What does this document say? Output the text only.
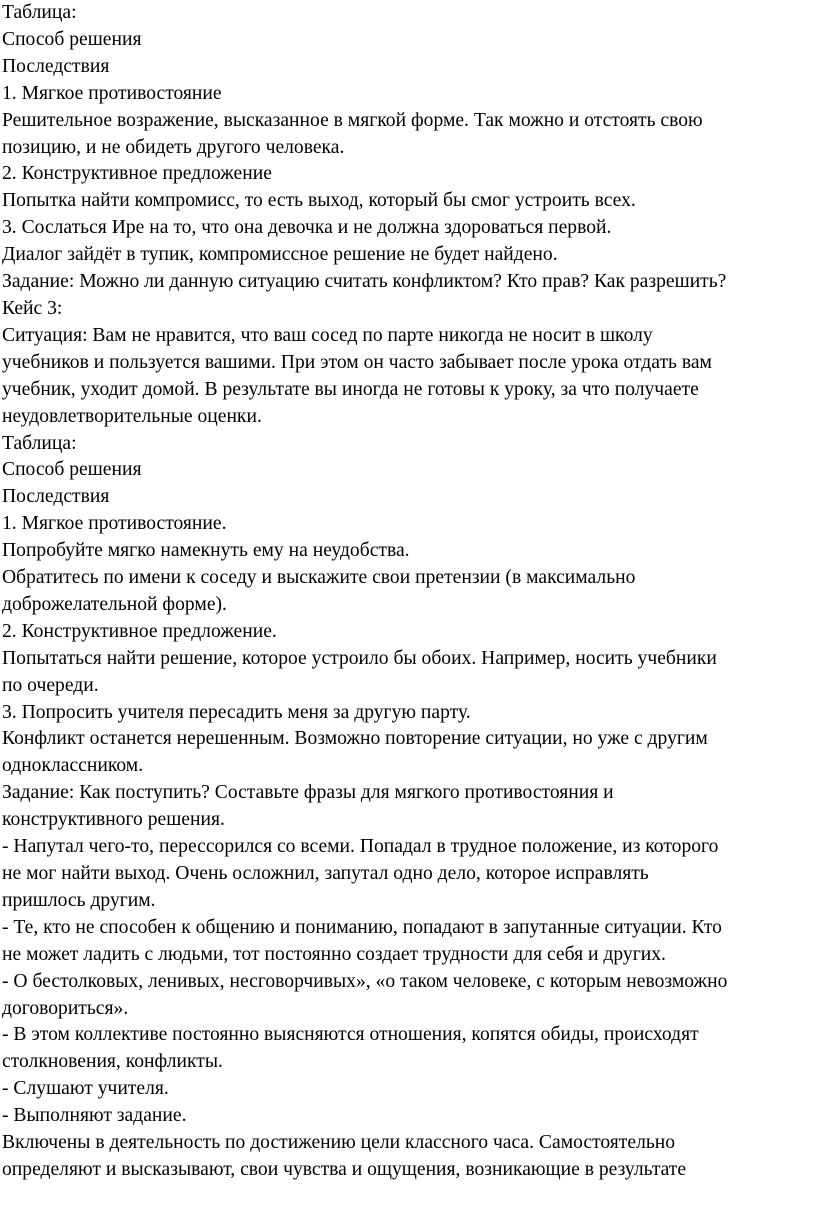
Таблица:

Способ решения

Последствия

1. Мягкое противостояние

Решительное возражение, высказанное в мягкой форме. Так можно и отстоять свою
позицию, и не обидеть другого человека.

2. Конструктивное предложение

Попытка найти компромисс, то есть выход, который бы смог устроить всех.

3. Сослаться Ире на то, что она девочка и не должна здороваться первой.

Диалог зайдёт в тупик, компромиссное решение не будет найдено.

Задание: Можно ли данную ситуацию считать конфликтом? Кто прав? Как разрешить?

Кейс 3:

Ситуация: Вам не нравится, что ваш сосед по парте никогда не носит в школу
учебников и пользуется вашими. При этом он часто забывает после урока отдать вам
учебник, уходит домой. В результате вы иногда не готовы к уроку, за что получаете
неудовлетворительные оценки.

Таблица:

Способ решения

Последствия

1. Мягкое противостояние.

Попробуйте мягко намекнуть ему на неудобства.

Обратитесь по имени к соседу и выскажите свои претензии (в максимально
доброжелательной форме).

2. Конструктивное предложение.

Попытаться найти решение, которое устроило бы обоих. Например, носить учебники
по очереди.

3. Попросить учителя пересадить меня за другую парту.

Конфликт останется нерешенным. Возможно повторение ситуации, но уже с другим
одноклассником.

Задание: Как поступить? Составьте фразы для мягкого противостояния и
конструктивного решения.

- Напутал чего-то, перессорился со всеми. Попадал в трудное положение, из которого
не мог найти выход. Очень осложнил, запутал одно дело, которое исправлять
пришлось другим.

- Те, кто не способен к общению и пониманию, попадают в запутанные ситуации. Кто
не может ладить с людьми, тот постоянно создает трудности для себя и других.

- О бестолковых, ленивых, несговорчивых», «о таком человеке, с которым невозможно
договориться».

- В этом коллективе постоянно выясняются отношения, копятся обиды, происходят
столкновения, конфликты.

- Слушают учителя.

- Выполняют задание.

Включены в деятельность по достижению цели классного часа. Самостоятельно
определяют и высказывают, свои чувства и ощущения, возникающие в результате
